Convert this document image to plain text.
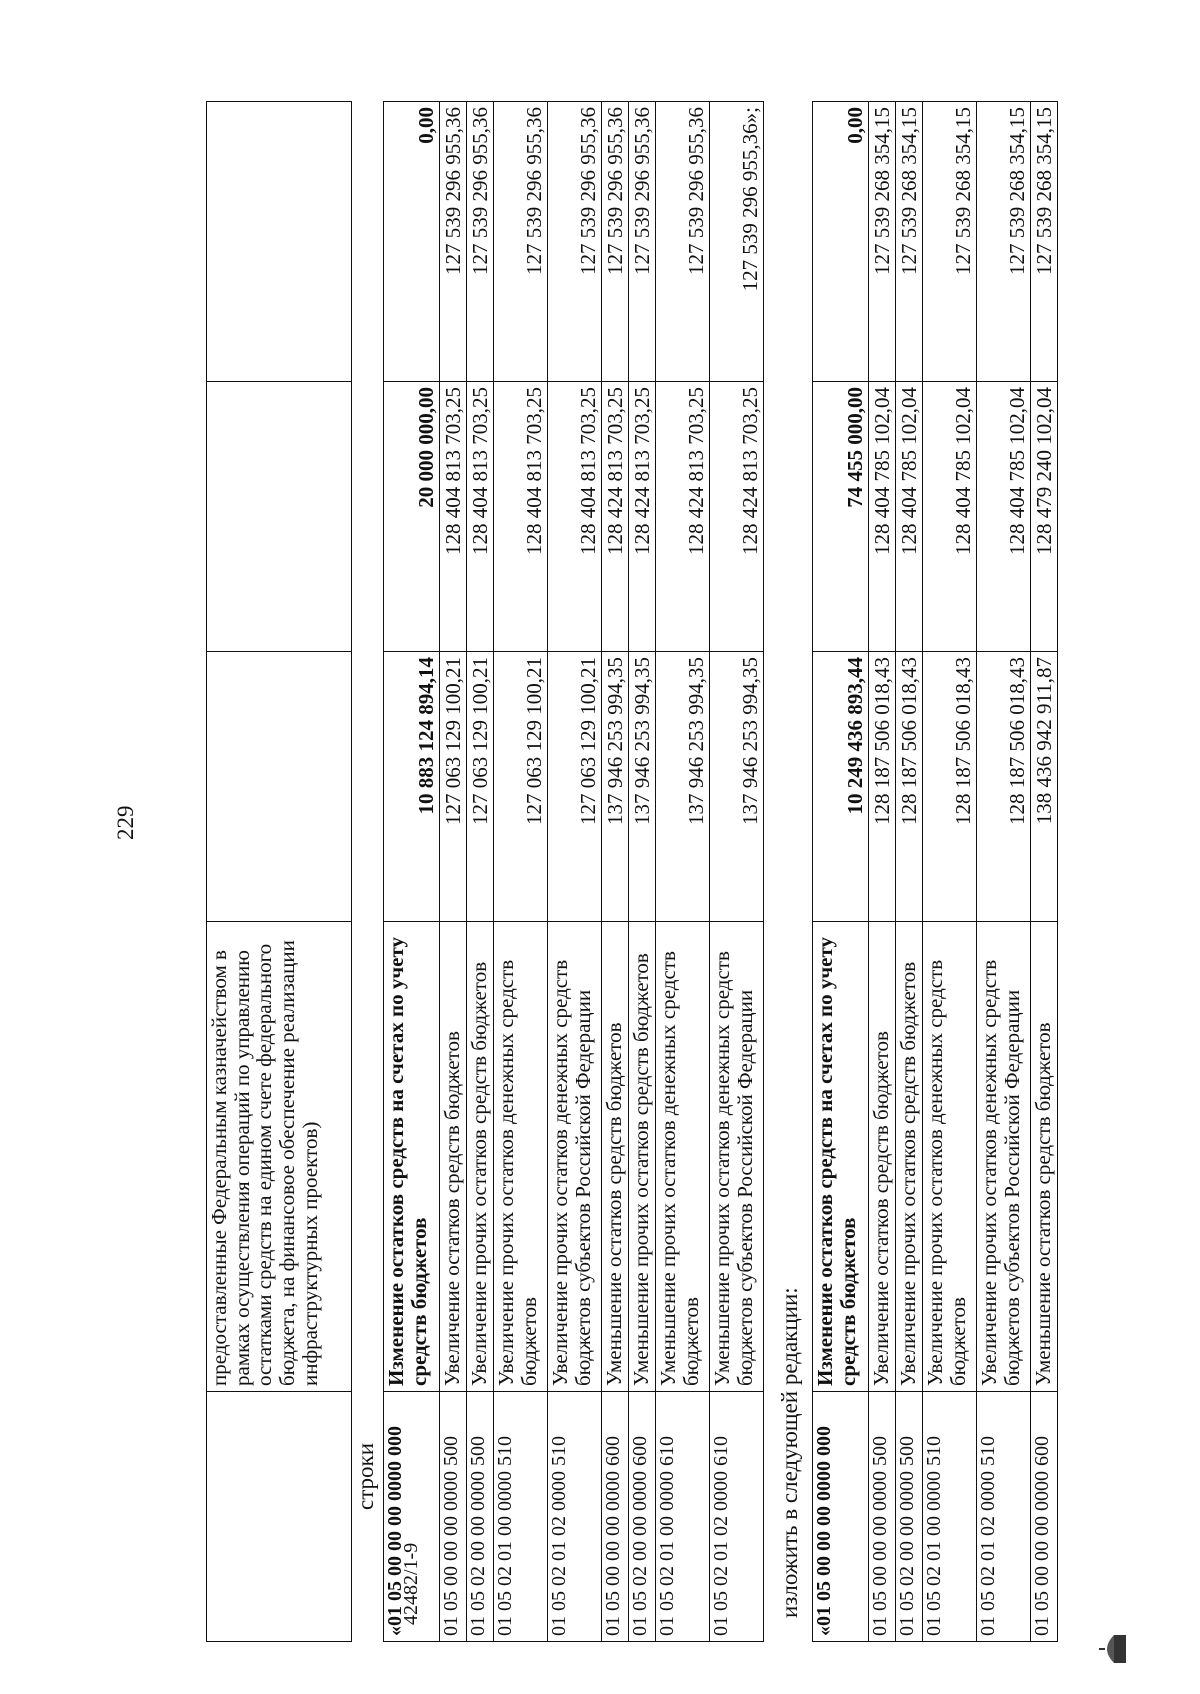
229
42482/1-9
	предоставленные Федеральным казначейством в рамках осуществления операций по управлению остатками средств на едином счете федерального бюджета, на финансовое обеспечение реализации инфраструктурных проектов)			
строки «01 05 00 00 00 0000 000	Изменение остатков средств на счетах по учету средств бюджетов	10 883 124 894,14	20 000 000,00	0,00
01 05 00 00 00 0000 500	Увеличение остатков средств бюджетов	127 063 129 100,21	128 404 813 703,25	127 539 296 955,36
01 05 02 00 00 0000 500	Увеличение прочих остатков средств бюджетов	127 063 129 100,21	128 404 813 703,25	127 539 296 955,36
01 05 02 01 00 0000 510	Увеличение прочих остатков денежных средств бюджетов	127 063 129 100,21	128 404 813 703,25	127 539 296 955,36
01 05 02 01 02 0000 510	Увеличение прочих остатков денежных средств бюджетов субъектов Российской Федерации	127 063 129 100,21	128 404 813 703,25	127 539 296 955,36
01 05 00 00 00 0000 600	Уменьшение остатков средств бюджетов	137 946 253 994,35	128 424 813 703,25	127 539 296 955,36
01 05 02 00 00 0000 600	Уменьшение прочих остатков средств бюджетов	137 946 253 994,35	128 424 813 703,25	127 539 296 955,36
01 05 02 01 00 0000 610	Уменьшение прочих остатков денежных средств бюджетов	137 946 253 994,35	128 424 813 703,25	127 539 296 955,36
01 05 02 01 02 0000 610	Уменьшение прочих остатков денежных средств бюджетов субъектов Российской Федерации	137 946 253 994,35	128 424 813 703,25	127 539 296 955,36»;
изложить в следующей редакции: «01 05 00 00 00 0000 000	Изменение остатков средств на счетах по учету средств бюджетов	10 249 436 893,44	74 455 000,00	0,00
01 05 00 00 00 0000 500	Увеличение остатков средств бюджетов	128 187 506 018,43	128 404 785 102,04	127 539 268 354,15
01 05 02 00 00 0000 500	Увеличение прочих остатков средств бюджетов	128 187 506 018,43	128 404 785 102,04	127 539 268 354,15
01 05 02 01 00 0000 510	Увеличение прочих остатков денежных средств бюджетов	128 187 506 018,43	128 404 785 102,04	127 539 268 354,15
01 05 02 01 02 0000 510	Увеличение прочих остатков денежных средств бюджетов субъектов Российской Федерации	128 187 506 018,43	128 404 785 102,04	127 539 268 354,15
01 05 00 00 00 0000 600	Уменьшение остатков средств бюджетов	138 436 942 911,87	128 479 240 102,04	127 539 268 354,15
